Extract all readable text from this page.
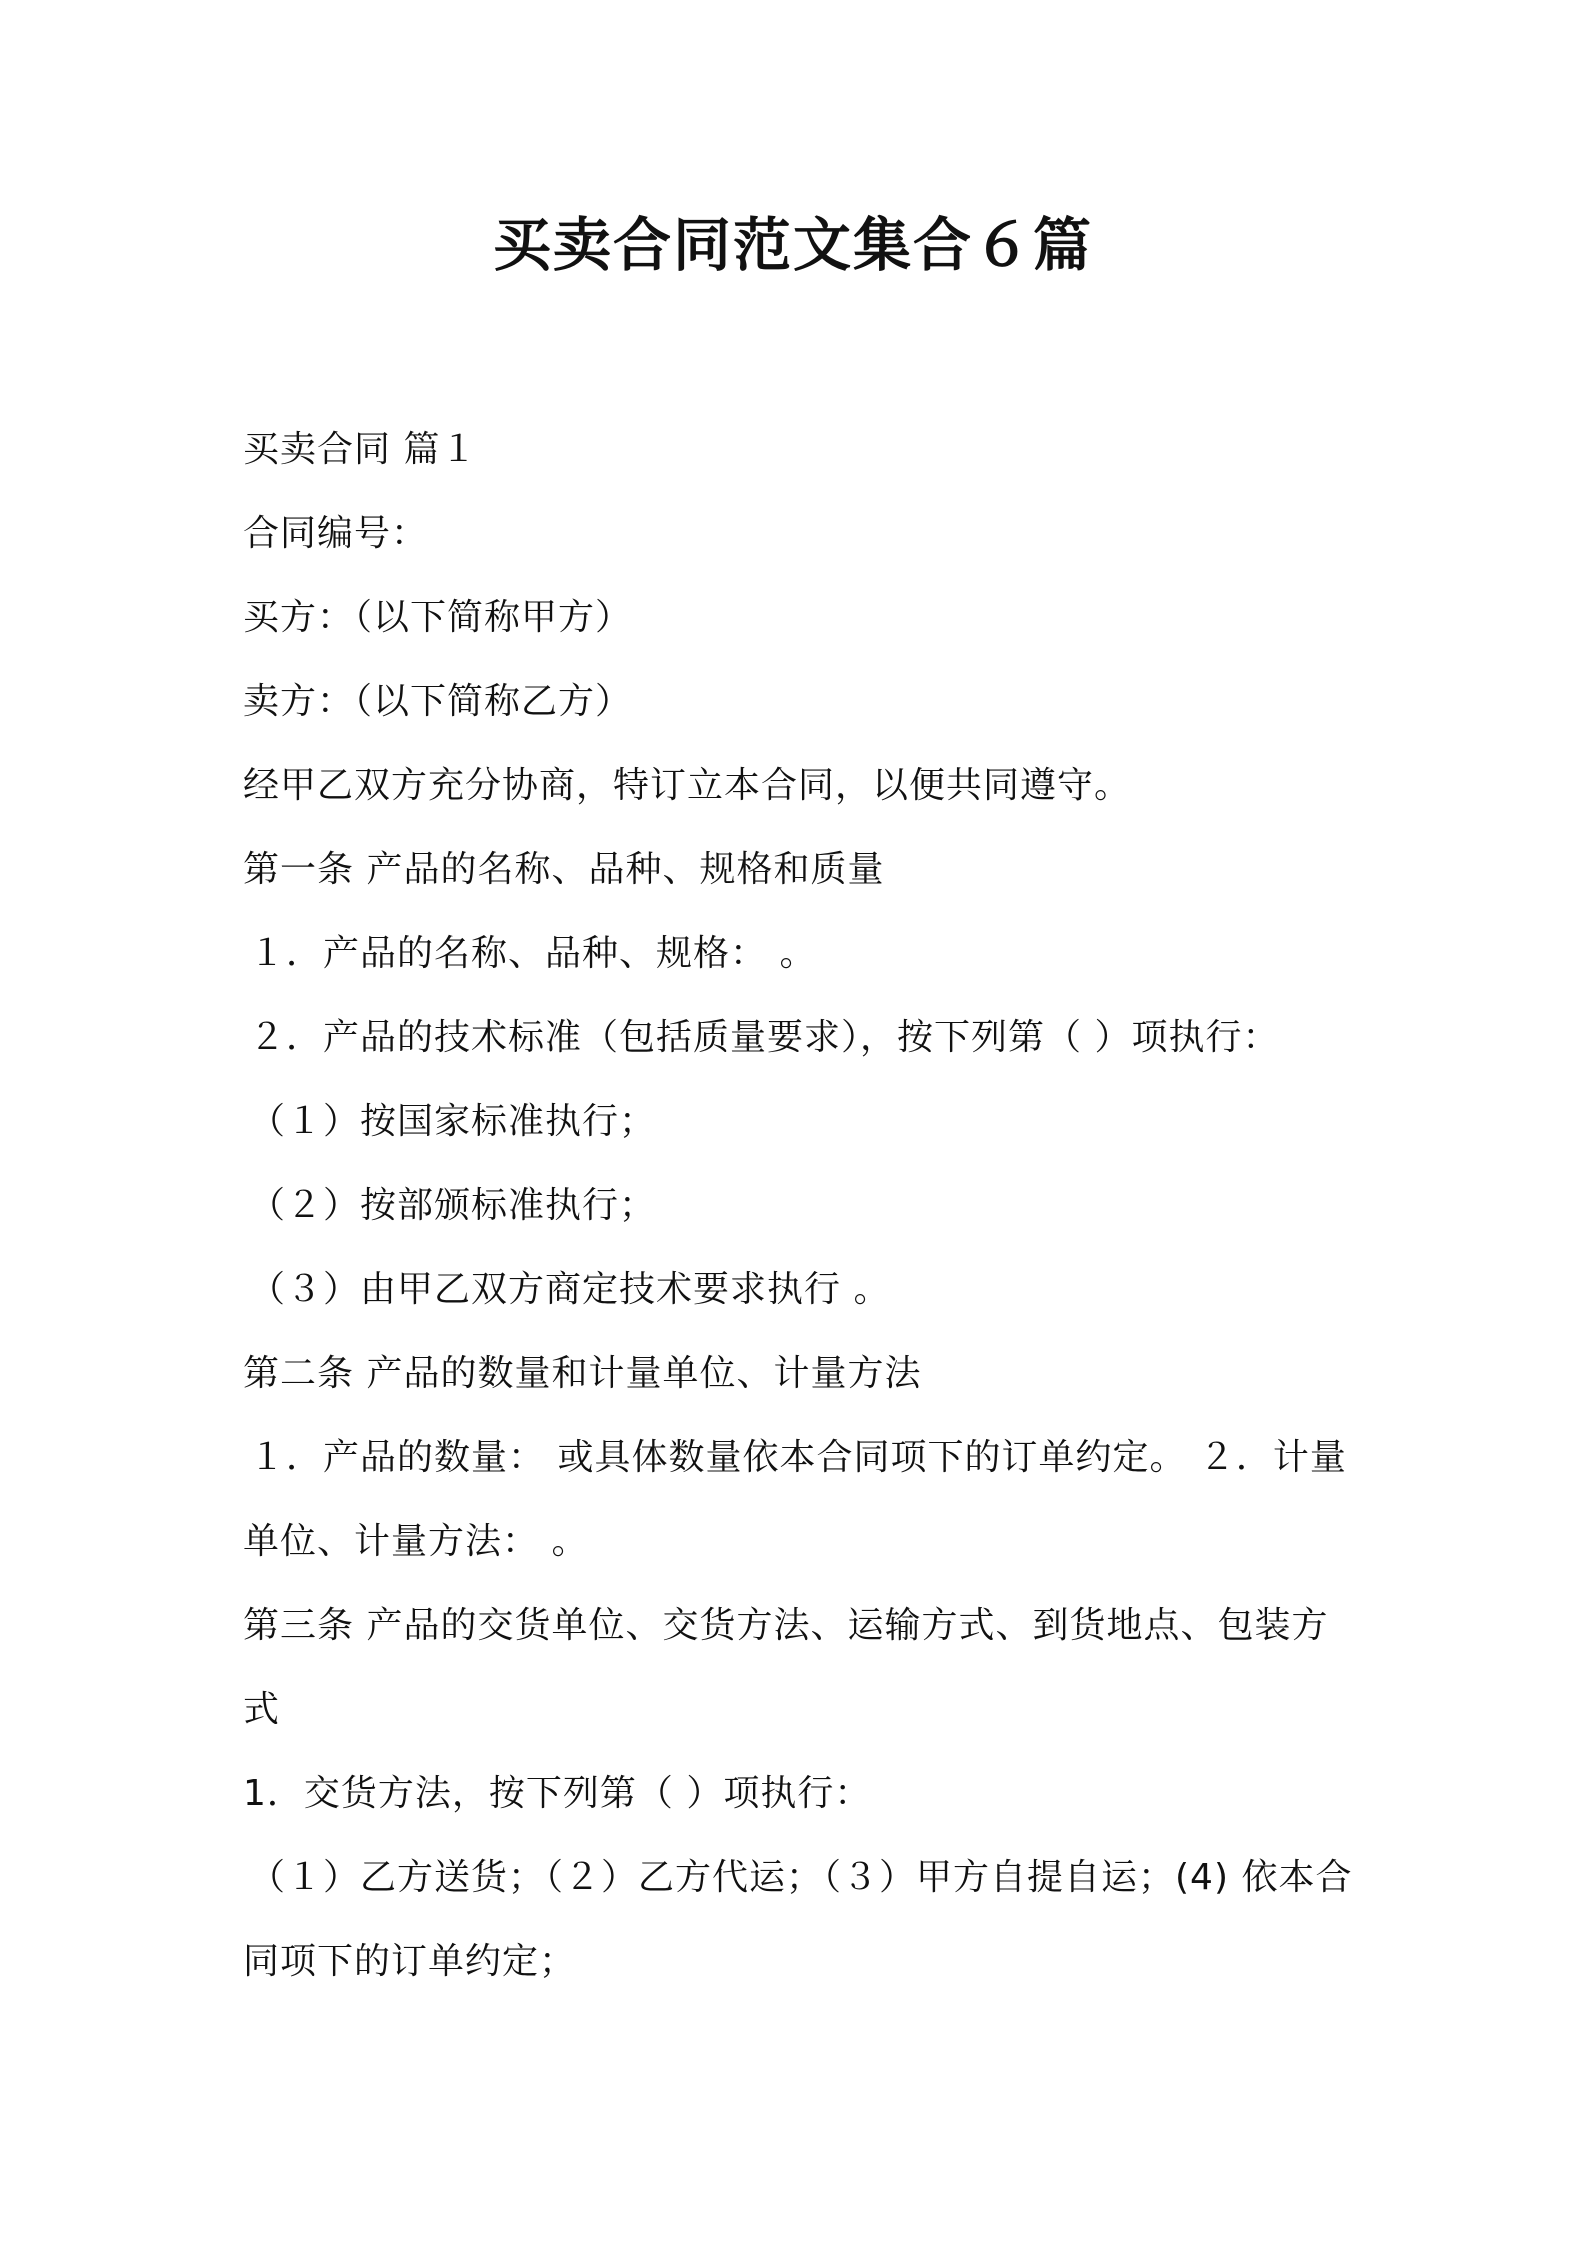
买卖合同范文集合６篇
买卖合同 篇１
合同编号：
买方：（以下简称甲方）
卖方：（以下简称乙方）
经甲乙双方充分协商，特订立本合同，以便共同遵守。
第一条 产品的名称、品种、规格和质量
１．产品的名称、品种、规格： 。
２．产品的技术标准（包括质量要求），按下列第（ ）项执行：
（１）按国家标准执行；
（２）按部颁标准执行；
（３）由甲乙双方商定技术要求执行 。
第二条 产品的数量和计量单位、计量方法
１．产品的数量： 或具体数量依本合同项下的订单约定。 ２．计量
单位、计量方法： 。
第三条 产品的交货单位、交货方法、运输方式、到货地点、包装方
式
1．交货方法，按下列第（ ）项执行：
（１）乙方送货；（２）乙方代运；（３）甲方自提自运；(4) 依本合
同项下的订单约定；
